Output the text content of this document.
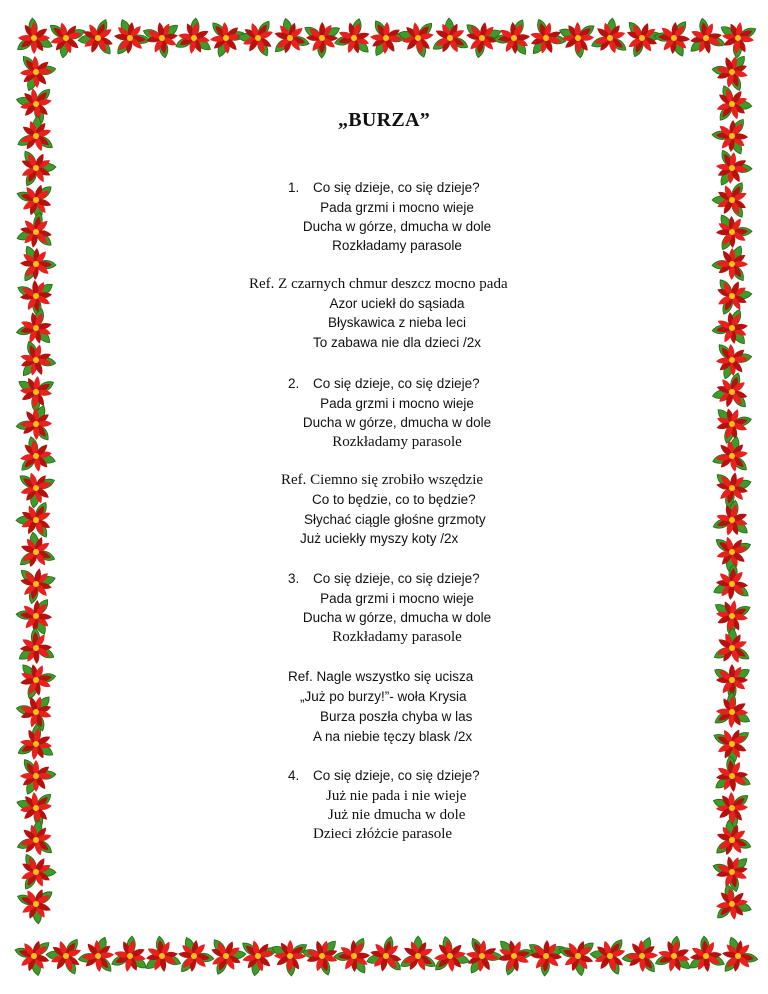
„BURZA”
1. Co się dzieje, co się dzieje?
Pada grzmi i mocno wieje
Ducha w górze, dmucha w dole
Rozkładamy parasole
Ref. Z czarnych chmur deszcz mocno pada
Azor uciekł do sąsiada
Błyskawica z nieba leci
To zabawa nie dla dzieci /2x
2. Co się dzieje, co się dzieje?
Pada grzmi i mocno wieje
Ducha w górze, dmucha w dole
Rozkładamy parasole
Ref. Ciemno się zrobiło wszędzie
Co to będzie, co to będzie?
Słychać ciągle głośne grzmoty
Już uciekły myszy koty /2x
3. Co się dzieje, co się dzieje?
Pada grzmi i mocno wieje
Ducha w górze, dmucha w dole
Rozkładamy parasole
Ref. Nagle wszystko się ucisza
„Już po burzy!”- woła Krysia
Burza poszła chyba w las
A na niebie tęczy blask /2x
4. Co się dzieje, co się dzieje?
Już nie pada i nie wieje
Już nie dmucha w dole
Dzieci złóżcie parasole
